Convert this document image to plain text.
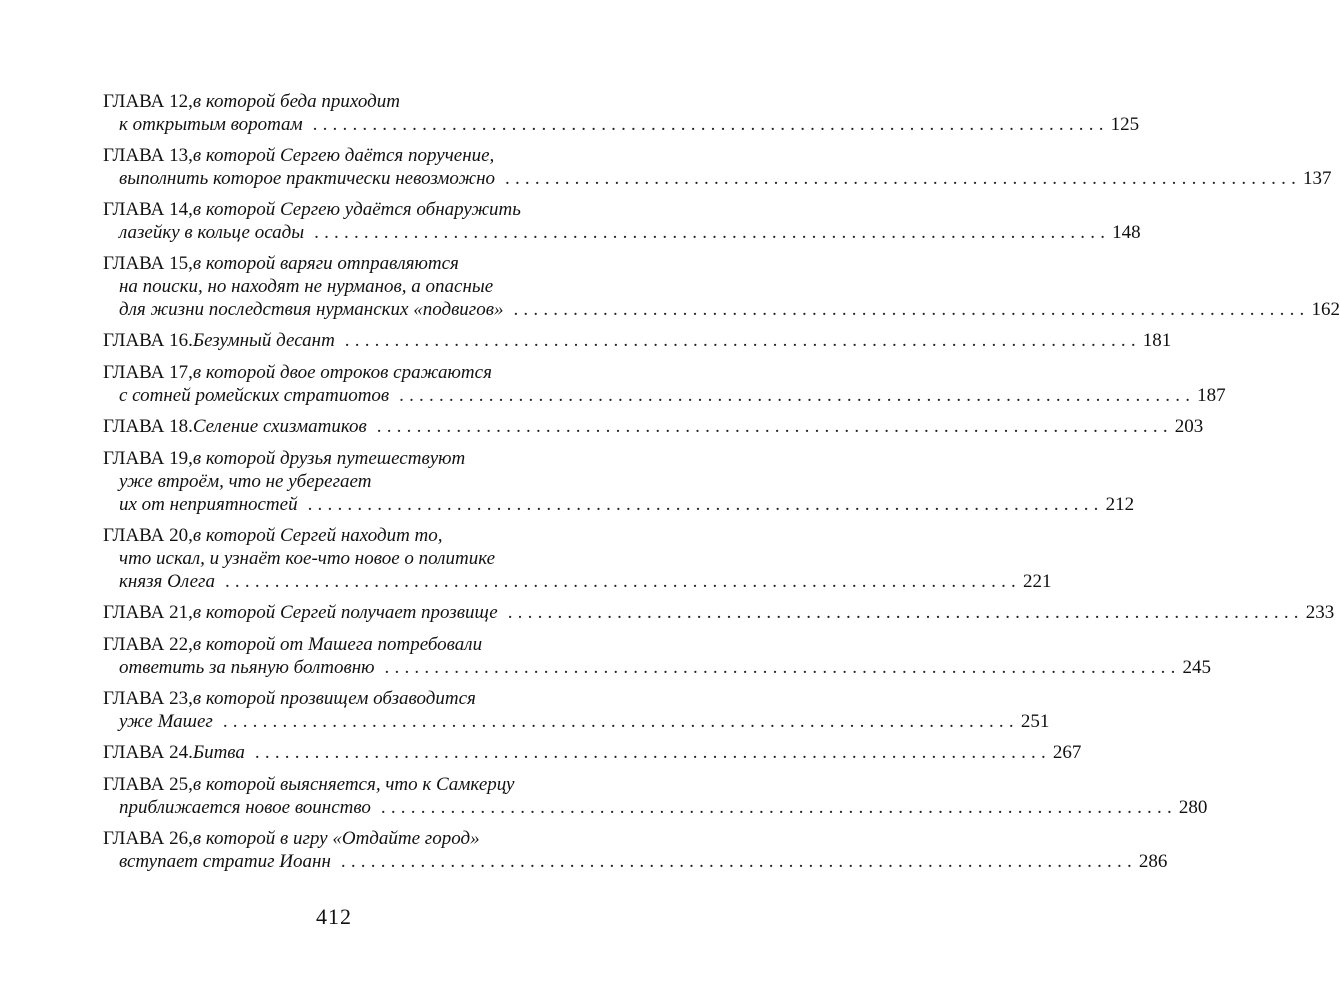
ГЛАВА 12, в которой беда приходит
к открытым воротам ................................................................................ 125
ГЛАВА 13, в которой Сергею даётся поручение,
выполнить которое практически невозможно ................................................................................ 137
ГЛАВА 14, в которой Сергею удаётся обнаружить
лазейку в кольце осады ................................................................................ 148
ГЛАВА 15, в которой варяги отправляются
на поиски, но находят не нурманов, а опасные
для жизни последствия нурманских «подвигов» ................................................................................ 162
ГЛАВА 16. Безумный десант ................................................................................ 181
ГЛАВА 17, в которой двое отроков сражаются
с сотней ромейских стратиотов ................................................................................ 187
ГЛАВА 18. Селение схизматиков ................................................................................ 203
ГЛАВА 19, в которой друзья путешествуют
уже втроём, что не уберегает
их от неприятностей ................................................................................ 212
ГЛАВА 20, в которой Сергей находит то,
что искал, и узнаёт кое-что новое о политике
князя Олега ................................................................................ 221
ГЛАВА 21, в которой Сергей получает прозвище ................................................................................ 233
ГЛАВА 22, в которой от Машега потребовали
ответить за пьяную болтовню ................................................................................ 245
ГЛАВА 23, в которой прозвищем обзаводится
уже Машег ................................................................................ 251
ГЛАВА 24. Битва ................................................................................ 267
ГЛАВА 25, в которой выясняется, что к Самкерцу
приближается новое воинство ................................................................................ 280
ГЛАВА 26, в которой в игру «Отдайте город»
вступает стратиг Иоанн ................................................................................ 286
412
